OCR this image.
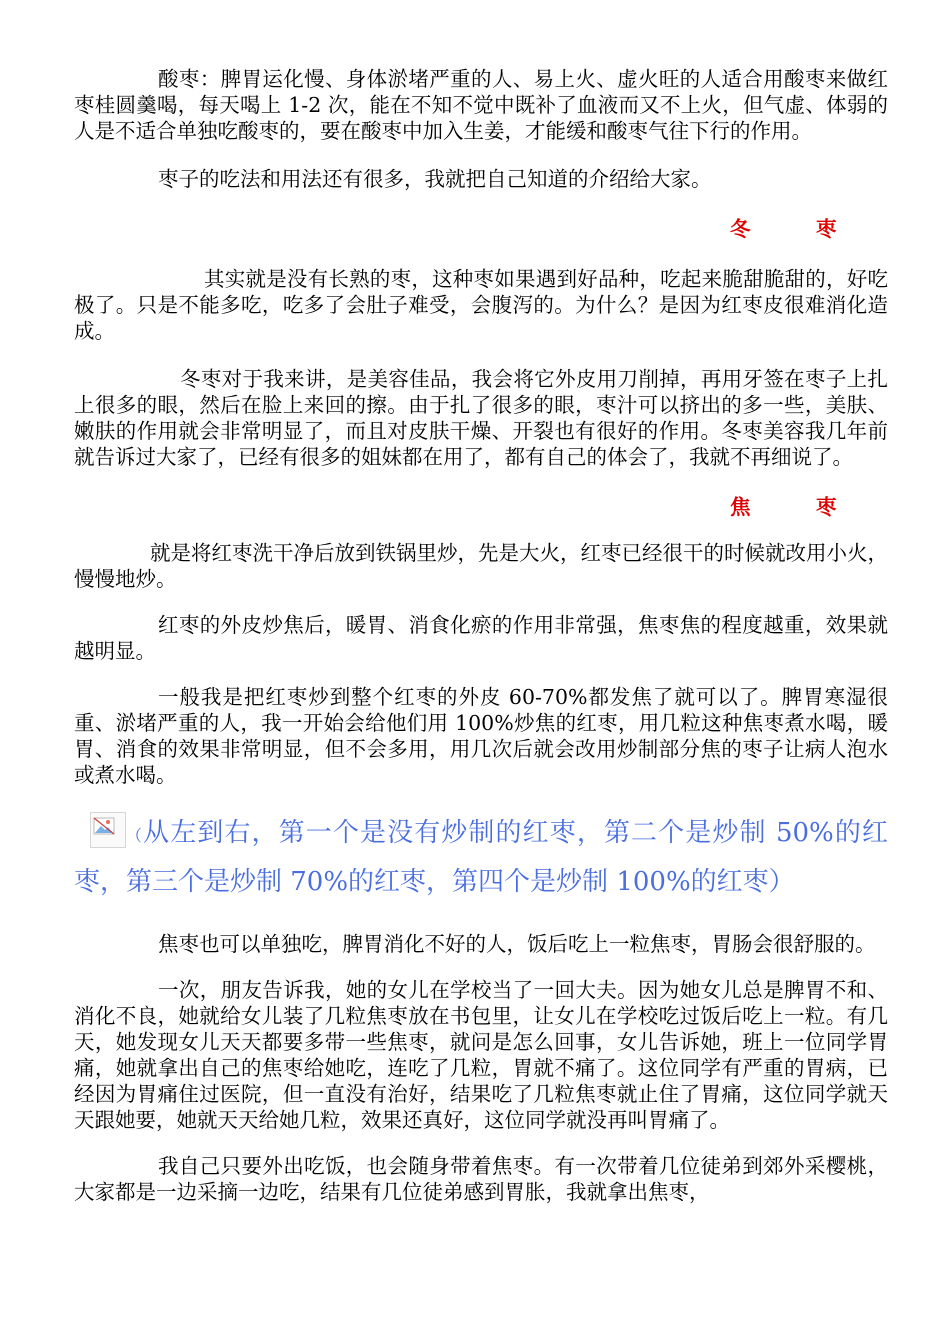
酸枣：脾胃运化慢、身体淤堵严重的人、易上火、虚火旺的人适合用酸枣来做红枣桂圆羹喝，每天喝上 1-2 次，能在不知不觉中既补了血液而又不上火，但气虚、体弱的人是不适合单独吃酸枣的，要在酸枣中加入生姜，才能缓和酸枣气往下行的作用。

枣子的吃法和用法还有很多，我就把自己知道的介绍给大家。

冬	枣

其实就是没有长熟的枣，这种枣如果遇到好品种，吃起来脆甜脆甜的，好吃极了。只是不能多吃，吃多了会肚子难受，会腹泻的。为什么？是因为红枣皮很难消化造成。

冬枣对于我来讲，是美容佳品，我会将它外皮用刀削掉，再用牙签在枣子上扎上很多的眼，然后在脸上来回的擦。由于扎了很多的眼，枣汁可以挤出的多一些，美肤、嫩肤的作用就会非常明显了，而且对皮肤干燥、开裂也有很好的作用。冬枣美容我几年前就告诉过大家了，已经有很多的姐妹都在用了，都有自己的体会了，我就不再细说了。

焦	枣

就是将红枣洗干净后放到铁锅里炒，先是大火，红枣已经很干的时候就改用小火，慢慢地炒。

红枣的外皮炒焦后，暖胃、消食化瘀的作用非常强，焦枣焦的程度越重，效果就越明显。

一般我是把红枣炒到整个红枣的外皮 60-70%都发焦了就可以了。脾胃寒湿很重、淤堵严重的人，我一开始会给他们用 100%炒焦的红枣，用几粒这种焦枣煮水喝，暖胃、消食的效果非常明显，但不会多用，用几次后就会改用炒制部分焦的枣子让病人泡水或煮水喝。

（从左到右，第一个是没有炒制的红枣，第二个是炒制 50%的红枣，第三个是炒制 70%的红枣，第四个是炒制 100%的红枣）

焦枣也可以单独吃，脾胃消化不好的人，饭后吃上一粒焦枣，胃肠会很舒服的。

一次，朋友告诉我，她的女儿在学校当了一回大夫。因为她女儿总是脾胃不和、消化不良，她就给女儿装了几粒焦枣放在书包里，让女儿在学校吃过饭后吃上一粒。有几天，她发现女儿天天都要多带一些焦枣，就问是怎么回事，女儿告诉她，班上一位同学胃痛，她就拿出自己的焦枣给她吃，连吃了几粒，胃就不痛了。这位同学有严重的胃病，已经因为胃痛住过医院，但一直没有治好，结果吃了几粒焦枣就止住了胃痛，这位同学就天天跟她要，她就天天给她几粒，效果还真好，这位同学就没再叫胃痛了。

我自己只要外出吃饭，也会随身带着焦枣。有一次带着几位徒弟到郊外采樱桃，大家都是一边采摘一边吃，结果有几位徒弟感到胃胀，我就拿出焦枣，
